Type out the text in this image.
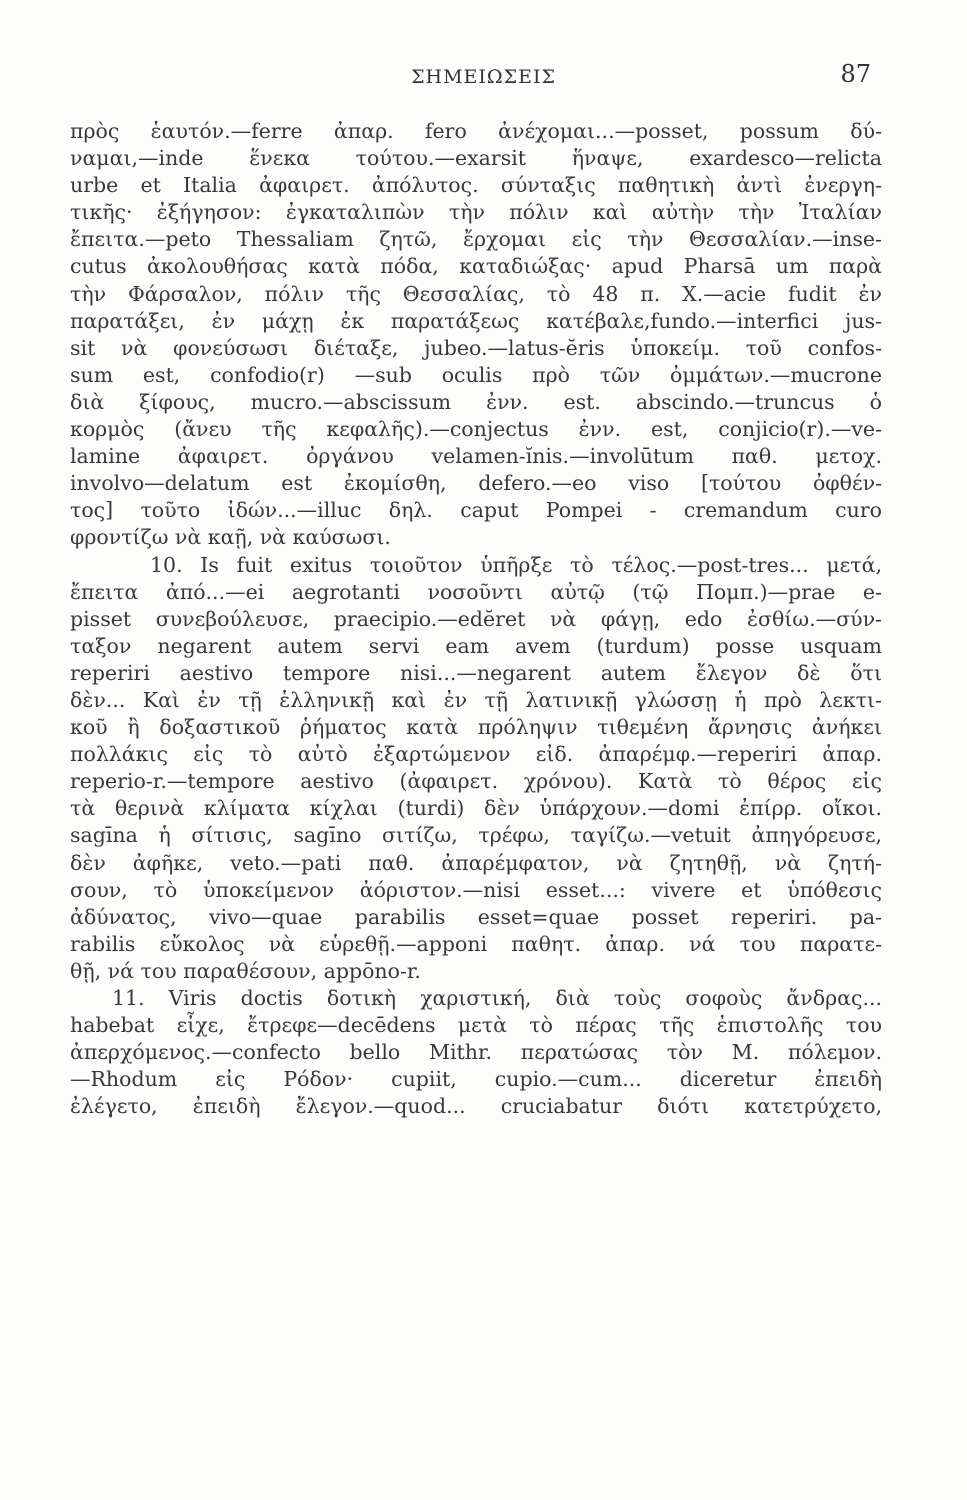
ΣΗΜΕΙΩΣΕΙΣ	87
πρὸς ἑαυτόν.—ferre ἀπαρ. fero ἀνέχομαι...—posset, possum δύ-
ναμαι,—inde ἕνεκα τούτου.—exarsit ἥναψε, exardesco—relicta
urbe et Italia ἀφαιρετ. ἀπόλυτος. σύνταξις παθητικὴ ἀντὶ ἐνεργη-
τικῆς· ἐξήγησον: ἐγκαταλιπὼν τὴν πόλιν καὶ αὐτὴν τὴν Ἰταλίαν
ἔπειτα.—peto Thessaliam ζητῶ, ἔρχομαι εἰς τὴν Θεσσαλίαν.—inse-
cutus ἀκολουθήσας κατὰ πόδα, καταδιώξας· apud Pharsā um παρὰ
τὴν Φάρσαλον, πόλιν τῆς Θεσσαλίας, τὸ 48 π. Χ.—acie fudit ἐν
παρατάξει, ἐν μάχῃ ἐκ παρατάξεως κατέβαλε,fundo.—interfici jus-
sit νὰ φονεύσωσι διέταξε, jubeo.—latus-ĕris ὑποκείμ. τοῦ confos-
sum est, confodio(r) —sub oculis πρὸ τῶν ὀμμάτων.—mucrone
διὰ ξίφους, mucro.—abscissum ἐνν. est. abscindo.—truncus ὁ
κορμὸς (ἄνευ τῆς κεφαλῆς).—conjectus ἐνν. est, conjicio(r).—ve-
lamine ἀφαιρετ. ὀργάνου velamen-ĭnis.—involūtum παθ. μετοχ.
involvo—delatum est ἐκομίσθη, defero.—eo viso [τούτου ὀφθέν-
τος] τοῦτο ἰδών...—illuc δηλ. caput Pompei - cremandum curo
φροντίζω νὰ καῇ, νὰ καύσωσι.
10. Is fuit exitus τοιοῦτον ὑπῆρξε τὸ τέλος.—post-tres... μετά,
ἔπειτα ἀπό...—ei aegrotanti νοσοῦντι αὐτῷ (τῷ Πομπ.)—prae e-
pisset συνεβούλευσε, praecipio.—edĕret νὰ φάγῃ, edo ἐσθίω.—σύν-
ταξον negarent autem servi eam avem (turdum) posse usquam
reperiri aestivo tempore nisi...—negarent autem ἔλεγον δὲ ὅτι
δὲν... Καὶ ἐν τῇ ἑλληνικῇ καὶ ἐν τῇ λατινικῇ γλώσσῃ ἡ πρὸ λεκτι-
κοῦ ἢ δοξαστικοῦ ῥήματος κατὰ πρόληψιν τιθεμένη ἄρνησις ἀνήκει
πολλάκις εἰς τὸ αὐτὸ ἐξαρτώμενον εἰδ. ἀπαρέμφ.—reperiri ἀπαρ.
reperio-r.—tempore aestivo (ἀφαιρετ. χρόνου). Κατὰ τὸ θέρος εἰς
τὰ θερινὰ κλίματα κίχλαι (turdi) δὲν ὑπάρχουν.—domi ἐπίρρ. οἴκοι.
sagīna ἡ σίτισις, sagīno σιτίζω, τρέφω, ταγίζω.—vetuit ἀπηγόρευσε,
δὲν ἀφῆκε, veto.—pati παθ. ἀπαρέμφατον, νὰ ζητηθῇ, νὰ ζητή-
σουν, τὸ ὑποκείμενον ἀόριστον.—nisi esset...: vivere et ὑπόθεσις
ἀδύνατος, vivo—quae parabilis esset=quae posset reperiri. pa-
rabilis εὔκολος νὰ εὑρεθῇ.—apponi παθητ. ἀπαρ. νά του παρατε-
θῇ, νά του παραθέσουν, appōno-r.
11. Viris doctis δοτικὴ χαριστική, διὰ τοὺς σοφοὺς ἄνδρας...
habebat εἶχε, ἔτρεφε—decēdens μετὰ τὸ πέρας τῆς ἐπιστολῆς του
ἀπερχόμενος.—confecto bello Mithr. περατώσας τὸν Μ. πόλεμον.
—Rhodum εἰς Ρόδον· cupiit, cupio.—cum... diceretur ἐπειδὴ
ἐλέγετο, ἐπειδὴ ἔλεγον.—quod... cruciabatur διότι κατετρύχετο,
